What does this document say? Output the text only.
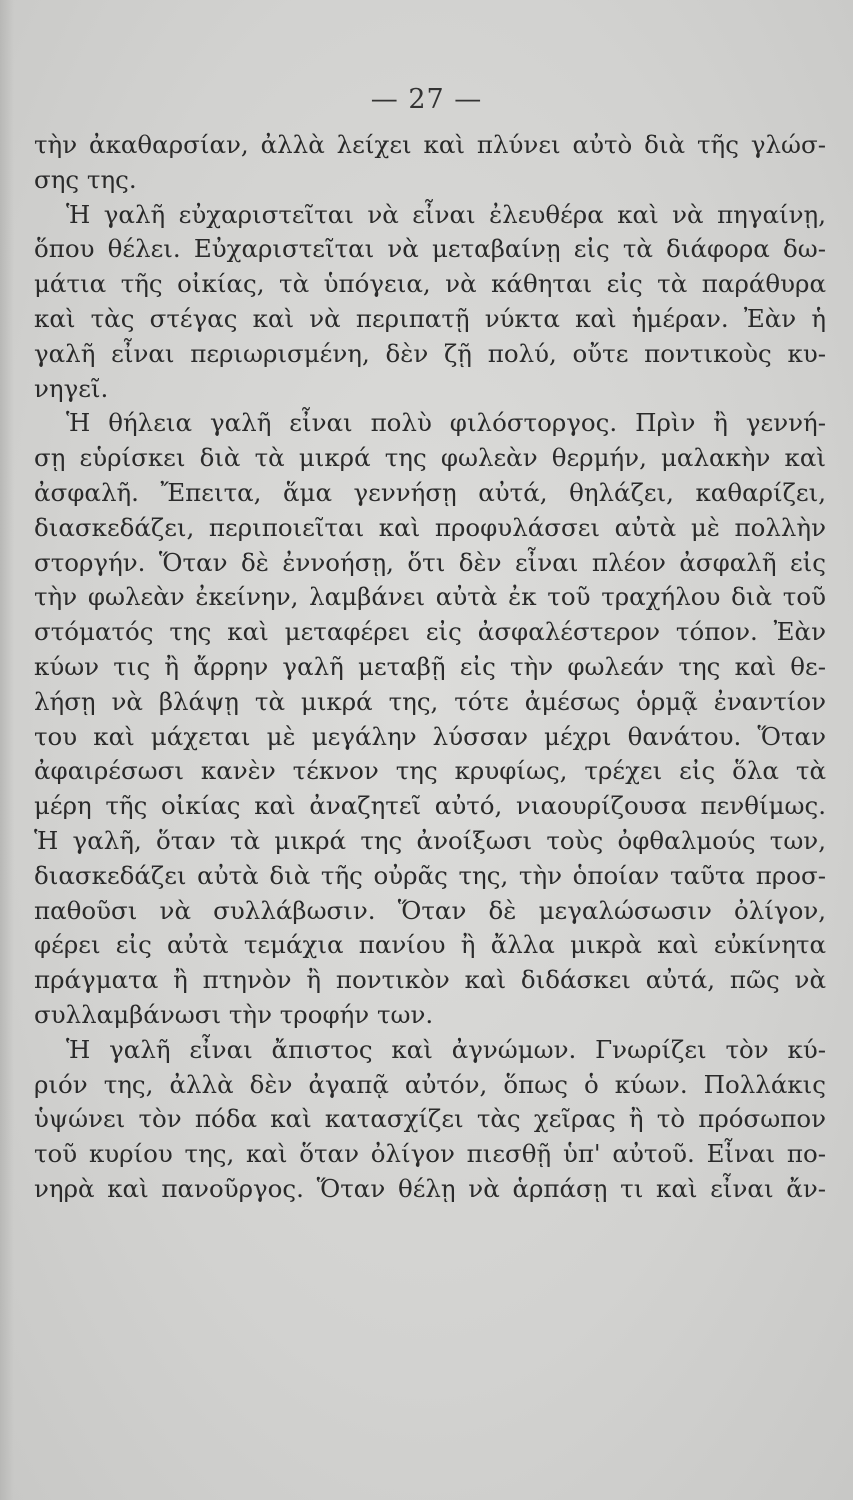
— 27 —
τὴν ἀκαθαρσίαν, ἀλλὰ λείχει καὶ πλύνει αὐτὸ διὰ τῆς γλώσ-
σης της.
Ἡ γαλῆ εὐχαριστεῖται νὰ εἶναι ἐλευθέρα καὶ νὰ πηγαίνῃ,
ὅπου θέλει. Εὐχαριστεῖται νὰ μεταβαίνῃ εἰς τὰ διάφορα δω-
μάτια τῆς οἰκίας, τὰ ὑπόγεια, νὰ κάθηται εἰς τὰ παράθυρα
καὶ τὰς στέγας καὶ νὰ περιπατῇ νύκτα καὶ ἡμέραν. Ἐὰν ἡ
γαλῆ εἶναι περιωρισμένη, δὲν ζῇ πολύ, οὔτε ποντικοὺς κυ-
νηγεῖ.
Ἡ θήλεια γαλῆ εἶναι πολὺ φιλόστοργος. Πρὶν ἢ γεννή-
σῃ εὑρίσκει διὰ τὰ μικρά της φωλεὰν θερμήν, μαλακὴν καὶ
ἀσφαλῆ. Ἔπειτα, ἅμα γεννήσῃ αὐτά, θηλάζει, καθαρίζει,
διασκεδάζει, περιποιεῖται καὶ προφυλάσσει αὐτὰ μὲ πολλὴν
στοργήν. Ὅταν δὲ ἐννοήσῃ, ὅτι δὲν εἶναι πλέον ἀσφαλῆ εἰς
τὴν φωλεὰν ἐκείνην, λαμβάνει αὐτὰ ἐκ τοῦ τραχήλου διὰ τοῦ
στόματός της καὶ μεταφέρει εἰς ἀσφαλέστερον τόπον. Ἐὰν
κύων τις ἢ ἄρρην γαλῆ μεταβῇ εἰς τὴν φωλεάν της καὶ θε-
λήσῃ νὰ βλάψῃ τὰ μικρά της, τότε ἀμέσως ὁρμᾷ ἐναντίον
του καὶ μάχεται μὲ μεγάλην λύσσαν μέχρι θανάτου. Ὅταν
ἀφαιρέσωσι κανὲν τέκνον της κρυφίως, τρέχει εἰς ὅλα τὰ
μέρη τῆς οἰκίας καὶ ἀναζητεῖ αὐτό, νιαουρίζουσα πενθίμως.
Ἡ γαλῆ, ὅταν τὰ μικρά της ἀνοίξωσι τοὺς ὀφθαλμούς των,
διασκεδάζει αὐτὰ διὰ τῆς οὐρᾶς της, τὴν ὁποίαν ταῦτα προσ-
παθοῦσι νὰ συλλάβωσιν. Ὅταν δὲ μεγαλώσωσιν ὀλίγον,
φέρει εἰς αὐτὰ τεμάχια πανίου ἢ ἄλλα μικρὰ καὶ εὐκίνητα
πράγματα ἢ πτηνὸν ἢ ποντικὸν καὶ διδάσκει αὐτά, πῶς νὰ
συλλαμβάνωσι τὴν τροφήν των.
Ἡ γαλῆ εἶναι ἄπιστος καὶ ἀγνώμων. Γνωρίζει τὸν κύ-
ριόν της, ἀλλὰ δὲν ἀγαπᾷ αὐτόν, ὅπως ὁ κύων. Πολλάκις
ὑψώνει τὸν πόδα καὶ κατασχίζει τὰς χεῖρας ἢ τὸ πρόσωπον
τοῦ κυρίου της, καὶ ὅταν ὀλίγον πιεσθῇ ὑπ' αὐτοῦ. Εἶναι πο-
νηρὰ καὶ πανοῦργος. Ὅταν θέλῃ νὰ ἁρπάσῃ τι καὶ εἶναι ἄν-
